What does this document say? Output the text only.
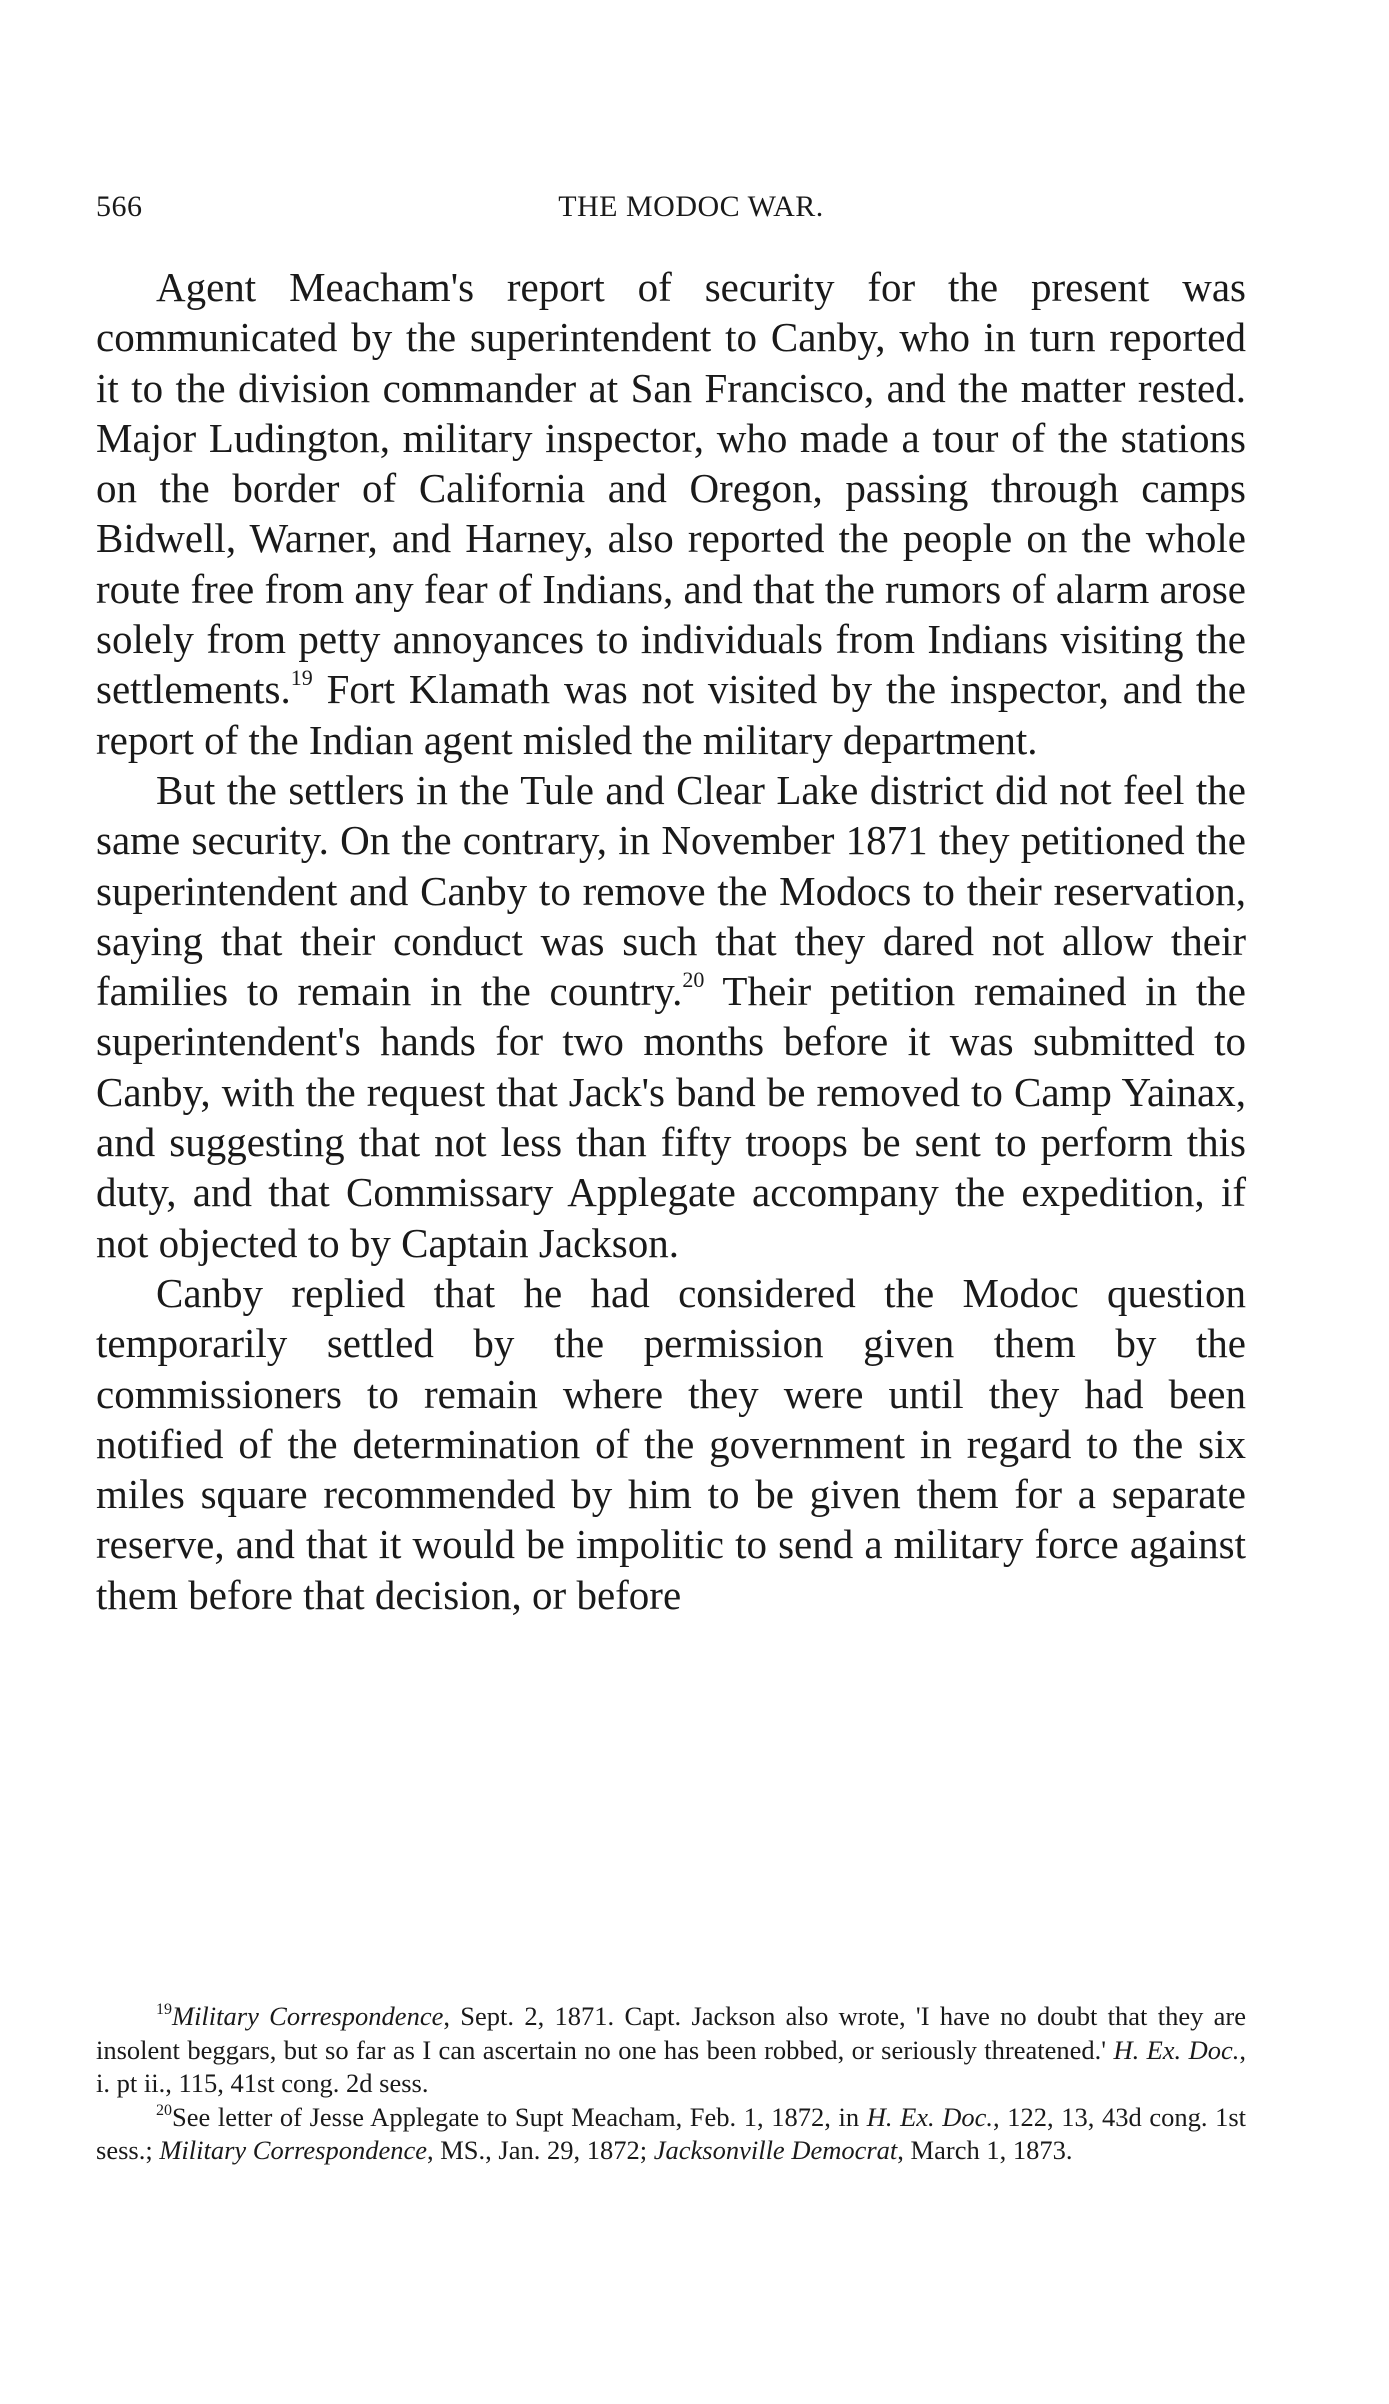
566	THE MODOC WAR.

Agent Meacham's report of security for the present was communicated by the superintendent to Canby, who in turn reported it to the division commander at San Francisco, and the matter rested. Major Ludington, military inspector, who made a tour of the stations on the border of California and Oregon, passing through camps Bidwell, Warner, and Harney, also reported the people on the whole route free from any fear of Indians, and that the rumors of alarm arose solely from petty annoyances to individuals from Indians visiting the settlements.$^{19}$ Fort Klamath was not visited by the inspector, and the report of the Indian agent misled the military department.

But the settlers in the Tule and Clear Lake district did not feel the same security. On the contrary, in November 1871 they petitioned the superintendent and Canby to remove the Modocs to their reservation, saying that their conduct was such that they dared not allow their families to remain in the country.$^{20}$ Their petition remained in the superintendent's hands for two months before it was submitted to Canby, with the request that Jack's band be removed to Camp Yainax, and suggesting that not less than fifty troops be sent to perform this duty, and that Commissary Applegate accompany the expedition, if not objected to by Captain Jackson.

Canby replied that he had considered the Modoc question temporarily settled by the permission given them by the commissioners to remain where they were until they had been notified of the determination of the government in regard to the six miles square recommended by him to be given them for a separate reserve, and that it would be impolitic to send a military force against them before that decision, or before

$^{19}$Military Correspondence, Sept. 2, 1871. Capt. Jackson also wrote, 'I have no doubt that they are insolent beggars, but so far as I can ascertain no one has been robbed, or seriously threatened.' H. Ex. Doc., i. pt ii., 115, 41st cong. 2d sess.

$^{20}$See letter of Jesse Applegate to Supt Meacham, Feb. 1, 1872, in H. Ex. Doc., 122, 13, 43d cong. 1st sess.; Military Correspondence, MS., Jan. 29, 1872; Jacksonville Democrat, March 1, 1873.
